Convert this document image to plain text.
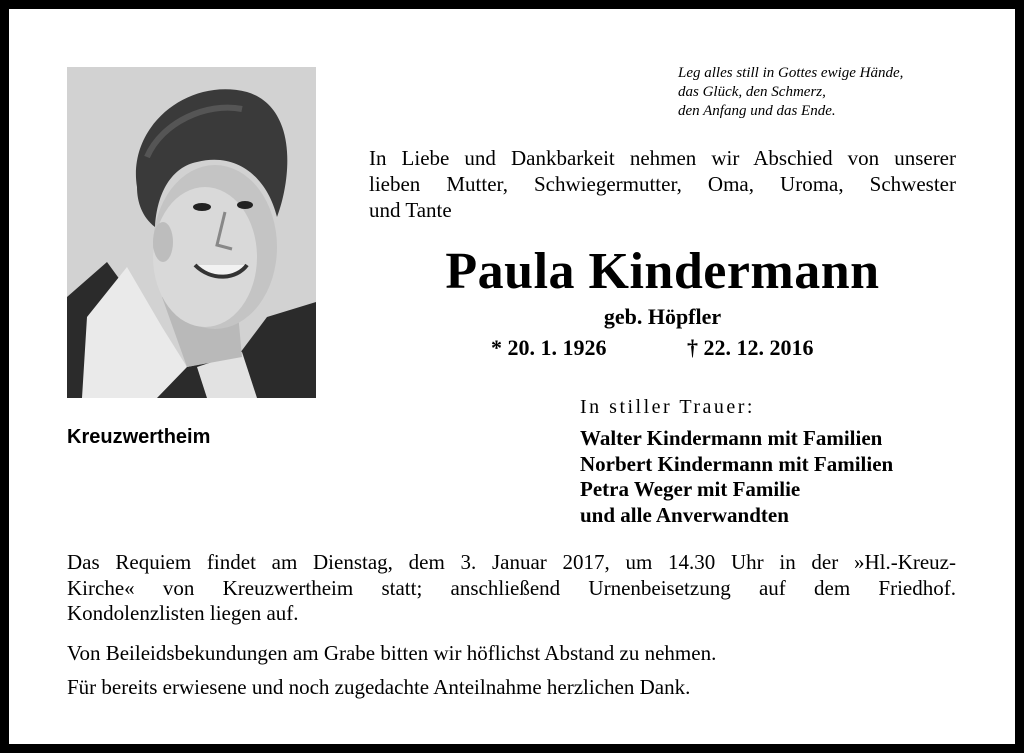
Leg alles still in Gottes ewige Hände,
das Glück, den Schmerz,
den Anfang und das Ende.
In Liebe und Dankbarkeit nehmen wir Abschied von unserer
lieben Mutter, Schwiegermutter, Oma, Uroma, Schwester
und Tante
Paula Kindermann
geb. Höpfler
* 20. 1. 1926	† 22. 12. 2016
Kreuzwertheim
In stiller Trauer:
Walter Kindermann mit Familien
Norbert Kindermann mit Familien
Petra Weger mit Familie
und alle Anverwandten
Das Requiem findet am Dienstag, dem 3. Januar 2017, um 14.30 Uhr in der »Hl.-Kreuz-
Kirche« von Kreuzwertheim statt; anschließend Urnenbeisetzung auf dem Friedhof.
Kondolenzlisten liegen auf.
Von Beileidsbekundungen am Grabe bitten wir höflichst Abstand zu nehmen.
Für bereits erwiesene und noch zugedachte Anteilnahme herzlichen Dank.
